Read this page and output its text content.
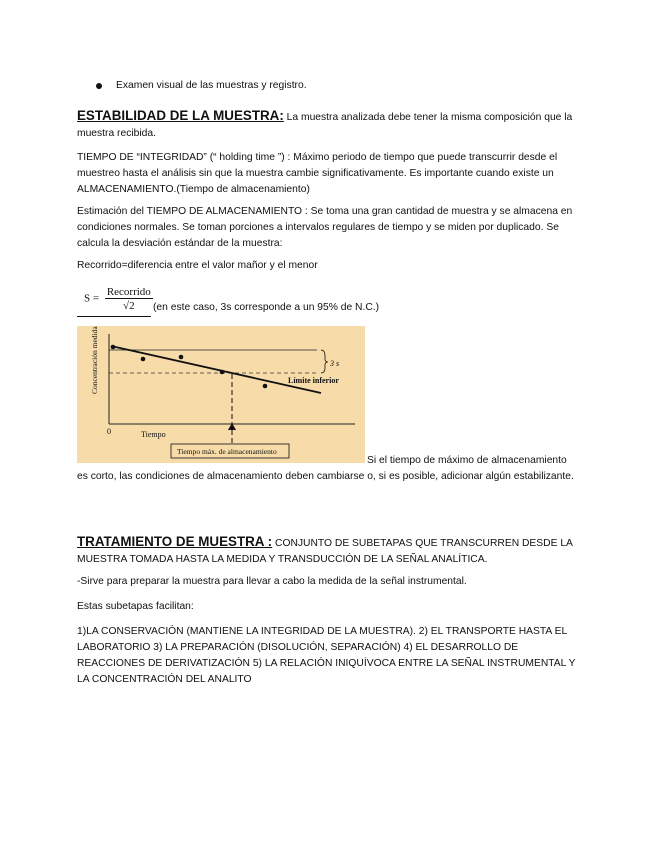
Examen visual de las muestras y registro.
ESTABILIDAD DE LA MUESTRA: La muestra analizada debe tener la misma composición que la muestra recibida.
TIEMPO DE “INTEGRIDAD” (“ holding time ”) : Máximo periodo de tiempo que puede transcurrir desde el muestreo hasta el análisis sin que la muestra cambie significativamente. Es importante cuando existe un ALMACENAMIENTO.(Tiempo de almacenamiento)
Estimación del TIEMPO DE ALMACENAMIENTO : Se toma una gran cantidad de muestra y se almacena en condiciones normales. Se toman porciones a intervalos regulares de tiempo y se miden por duplicado. Se calcula la desviación estándar de la muestra:
Recorrido=diferencia entre el valor mañor y el menor
$S = \frac{\text{Recorrido}}{√2} (en$ este caso, 3s corresponde a un 95% de N.C.)
3 s
Límite inferior
Concentración medida
0	Tiempo
Tiempo máx. de almacenamiento
Si el tiempo de máximo de almacenamiento
es corto, las condiciones de almacenamiento deben cambiarse o, si es posible, adicionar algún estabilizante.
TRATAMIENTO DE MUESTRA : CONJUNTO DE SUBETAPAS QUE TRANSCURREN DESDE LA MUESTRA TOMADA HASTA LA MEDIDA Y TRANSDUCCIÓN DE LA SEÑAL ANALÍTICA.
-Sirve para preparar la muestra para llevar a cabo la medida de la señal instrumental.
Estas subetapas facilitan:
1)LA CONSERVACIÓN (MANTIENE LA INTEGRIDAD DE LA MUESTRA). 2) EL TRANSPORTE HASTA EL LABORATORIO 3) LA PREPARACIÓN (DISOLUCIÓN, SEPARACIÓN) 4) EL DESARROLLO DE REACCIONES DE DERIVATIZACIÓN 5) LA RELACIÓN INIQUÍVOCA ENTRE LA SEÑAL INSTRUMENTAL Y LA CONCENTRACIÓN DEL ANALITO
